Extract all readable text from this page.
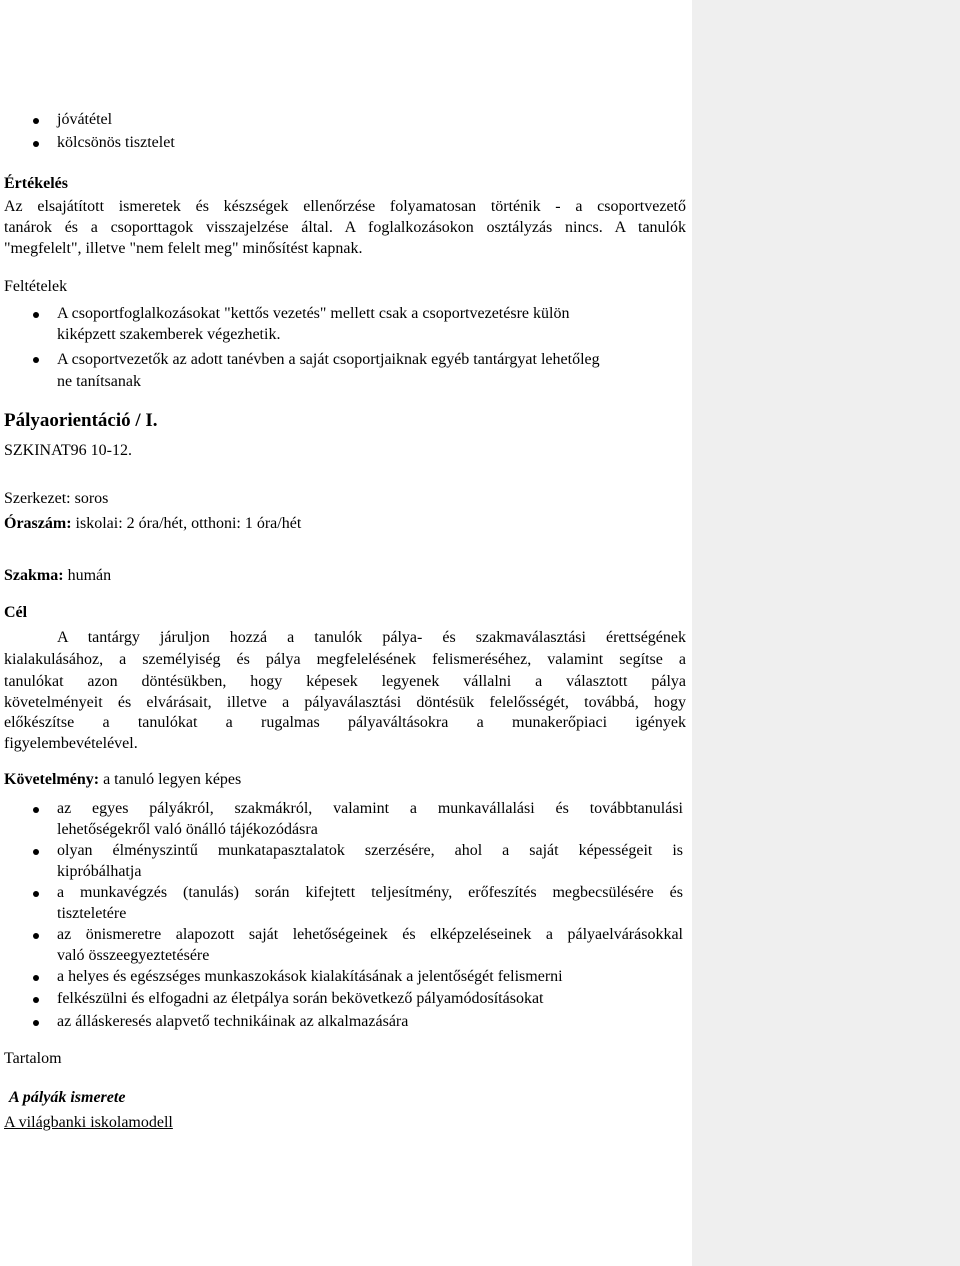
jóvátétel
kölcsönös tisztelet
Értékelés
Az elsajátított ismeretek és készségek ellenőrzése folyamatosan történik - a csoportvezető
tanárok és a csoporttagok visszajelzése által. A foglalkozásokon osztályzás nincs. A tanulók
"megfelelt", illetve "nem felelt meg" minősítést kapnak.
Feltételek
A csoportfoglalkozásokat "kettős vezetés" mellett csak a csoportvezetésre külön
kiképzett szakemberek végezhetik.
A csoportvezetők az adott tanévben a saját csoportjaiknak egyéb tantárgyat lehetőleg
ne tanítsanak
Pályaorientáció / I.
SZKINAT96 10-12.
Szerkezet: soros
Óraszám: iskolai: 2 óra/hét, otthoni: 1 óra/hét
Szakma: humán
Cél
A tantárgy járuljon hozzá a tanulók pálya- és szakmaválasztási érettségének
kialakulásához, a személyiség és pálya megfelelésének felismeréséhez, valamint segítse a
tanulókat azon döntésükben, hogy képesek legyenek vállalni a választott pálya
követelményeit és elvárásait, illetve a pályaválasztási döntésük felelősségét, továbbá, hogy
előkészítse a tanulókat a rugalmas pályaváltásokra a munakerőpiaci igények
figyelembevételével.
Követelmény: a tanuló legyen képes
az egyes pályákról, szakmákról, valamint a munkavállalási és továbbtanulási
lehetőségekről való önálló tájékozódásra
olyan élményszintű munkatapasztalatok szerzésére, ahol a saját képességeit is
kipróbálhatja
a munkavégzés (tanulás) során kifejtett teljesítmény, erőfeszítés megbecsülésére és
tiszteletére
az önismeretre alapozott saját lehetőségeinek és elképzeléseinek a pályaelvárásokkal
való összeegyeztetésére
a helyes és egészséges munkaszokások kialakításának a jelentőségét felismerni
felkészülni és elfogadni az életpálya során bekövetkező pályamódosításokat
az álláskeresés alapvető technikáinak az alkalmazására
Tartalom
A pályák ismerete
A világbanki iskolamodell
